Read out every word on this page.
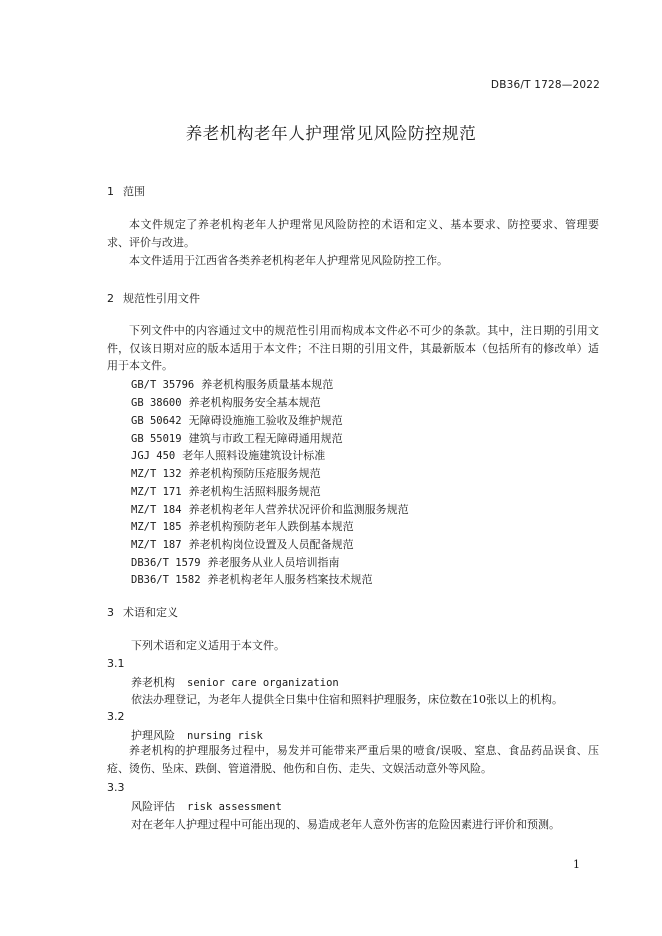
DB36/T 1728—2022
养老机构老年人护理常见风险防控规范
1 范围
本文件规定了养老机构老年人护理常见风险防控的术语和定义、基本要求、防控要求、管理要求、评价与改进。
本文件适用于江西省各类养老机构老年人护理常见风险防控工作。
2 规范性引用文件
下列文件中的内容通过文中的规范性引用而构成本文件必不可少的条款。其中，注日期的引用文件，仅该日期对应的版本适用于本文件；不注日期的引用文件，其最新版本（包括所有的修改单）适用于本文件。
GB/T 35796 养老机构服务质量基本规范
GB 38600 养老机构服务安全基本规范
GB 50642 无障碍设施施工验收及维护规范
GB 55019 建筑与市政工程无障碍通用规范
JGJ 450 老年人照料设施建筑设计标准
MZ/T 132 养老机构预防压疮服务规范
MZ/T 171 养老机构生活照料服务规范
MZ/T 184 养老机构老年人营养状况评价和监测服务规范
MZ/T 185 养老机构预防老年人跌倒基本规范
MZ/T 187 养老机构岗位设置及人员配备规范
DB36/T 1579 养老服务从业人员培训指南
DB36/T 1582 养老机构老年人服务档案技术规范
3 术语和定义
下列术语和定义适用于本文件。
3.1
养老机构 senior care organization
依法办理登记，为老年人提供全日集中住宿和照料护理服务，床位数在10张以上的机构。
3.2
护理风险 nursing risk
养老机构的护理服务过程中，易发并可能带来严重后果的噎食/误吸、窒息、食品药品误食、压疮、烫伤、坠床、跌倒、管道滑脱、他伤和自伤、走失、文娱活动意外等风险。
3.3
风险评估 risk assessment
对在老年人护理过程中可能出现的、易造成老年人意外伤害的危险因素进行评价和预测。
1
